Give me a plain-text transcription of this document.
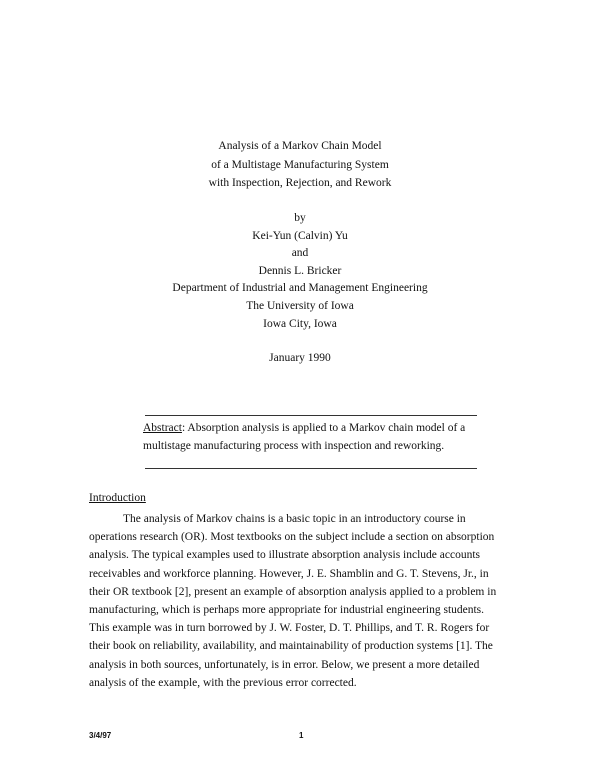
Analysis of a Markov Chain Model
of a Multistage Manufacturing System
with Inspection, Rejection, and Rework
by
Kei-Yun (Calvin) Yu
and
Dennis L. Bricker
Department of Industrial and Management Engineering
The University of Iowa
Iowa City, Iowa
January 1990
Abstract: Absorption analysis is applied to a Markov chain model of a
multistage manufacturing process with inspection and reworking.
Introduction
The analysis of Markov chains is a basic topic in an introductory course in
operations research (OR). Most textbooks on the subject include a section on absorption
analysis. The typical examples used to illustrate absorption analysis include accounts
receivables and workforce planning. However, J. E. Shamblin and G. T. Stevens, Jr., in
their OR textbook [2], present an example of absorption analysis applied to a problem in
manufacturing, which is perhaps more appropriate for industrial engineering students.
This example was in turn borrowed by J. W. Foster, D. T. Phillips, and T. R. Rogers for
their book on reliability, availability, and maintainability of production systems [1]. The
analysis in both sources, unfortunately, is in error. Below, we present a more detailed
analysis of the example, with the previous error corrected.
3/4/97	1
